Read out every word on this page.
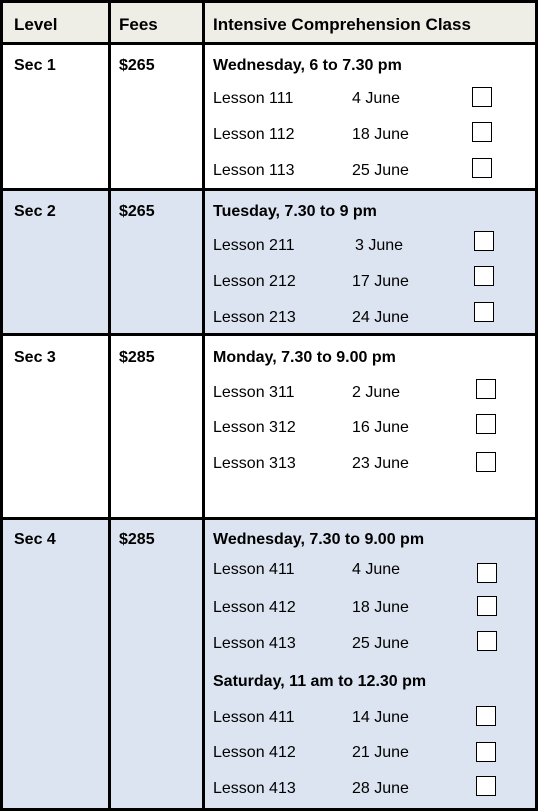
Level	Fees	Intensive Comprehension Class
Sec 1	$265	Wednesday, 6 to 7.30 pm
Lesson 111	4 June
Lesson 112	18 June
Lesson 113	25 June
Sec 2	$265	Tuesday, 7.30 to 9 pm
Lesson 211	3 June
Lesson 212	17 June
Lesson 213	24 June
Sec 3	$285	Monday, 7.30 to 9.00 pm
Lesson 311	2 June
Lesson 312	16 June
Lesson 313	23 June
Sec 4	$285	Wednesday, 7.30 to 9.00 pm
Lesson 411	4 June
Lesson 412	18 June
Lesson 413	25 June
Saturday, 11 am to 12.30 pm
Lesson 411	14 June
Lesson 412	21 June
Lesson 413	28 June
